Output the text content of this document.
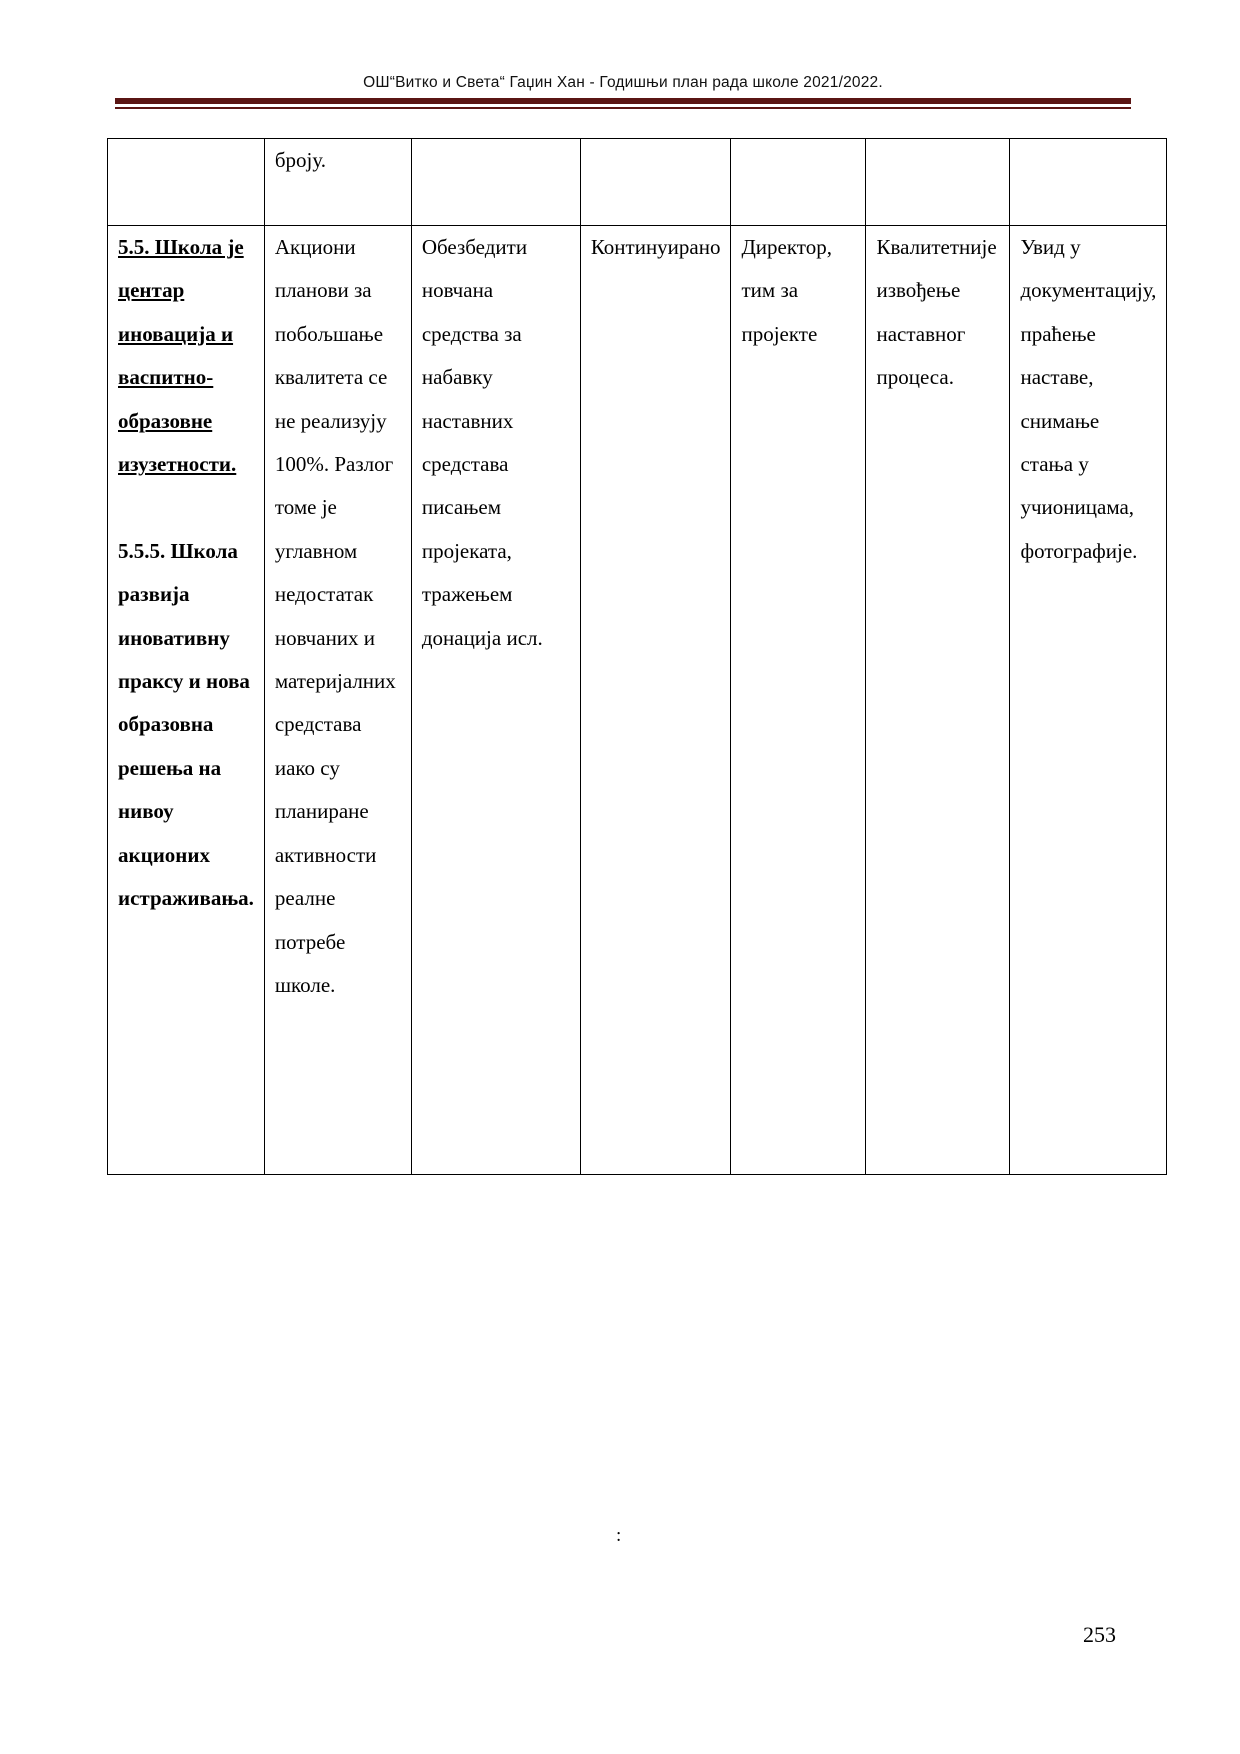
ОШ“Витко и Света“ Гаџин Хан - Годишњи план рада школе 2021/2022.
	броју.					
5.5. Школа је центар иновација и васпитно-образовне изузетности.
5.5.5. Школа развија иновативну праксу и нова образовна решења на нивоу акционих истраживања.	Акциони планови за побољшање квалитета се не реализују 100%. Разлог томе је углавном недостатак новчаних и материјалних средстава иако су планиране активности реалне потребе школе.	Обезбедити новчана средства за набавку наставних средстава писањем пројеката, тражењем донација исл.	Континуирано	Директор, тим за пројекте	Квалитетније извођење наставног процеса.	Увид у документацију, праћење наставе, снимање стања у учионицама, фотографије.
:
253
